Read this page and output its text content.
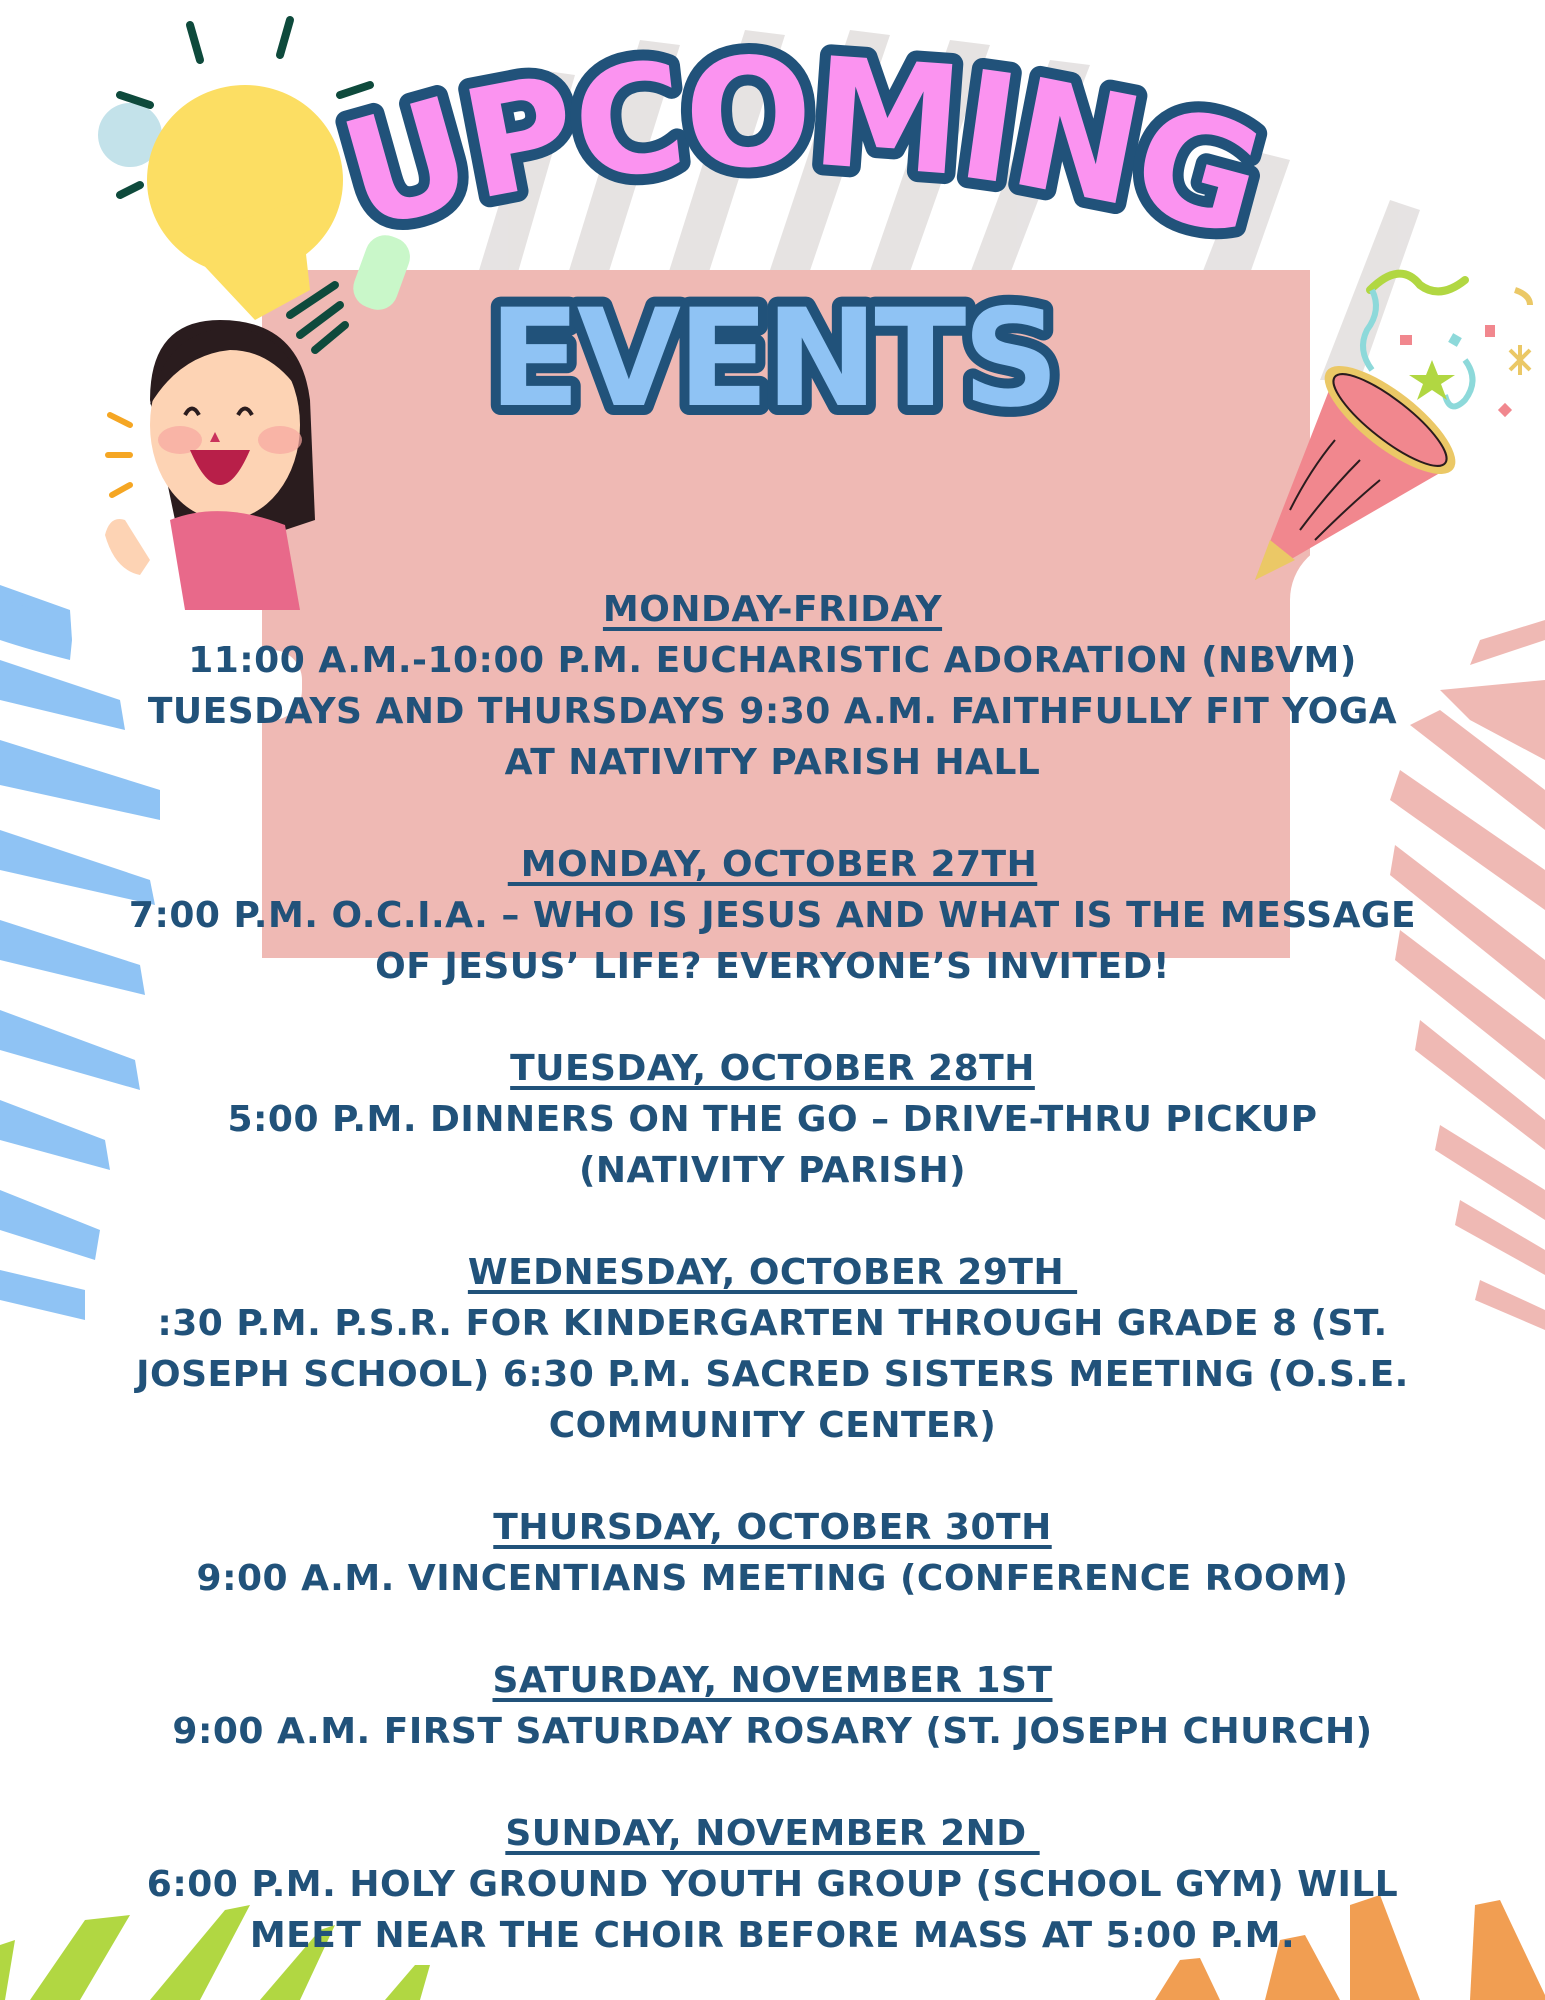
UPCOMING
EVENTS
MONDAY-FRIDAY
11:00 A.M.-10:00 P.M. EUCHARISTIC ADORATION (NBVM)
TUESDAYS AND THURSDAYS 9:30 A.M. FAITHFULLY FIT YOGA
AT NATIVITY PARISH HALL
MONDAY, OCTOBER 27TH
7:00 P.M. O.C.I.A. – WHO IS JESUS AND WHAT IS THE MESSAGE
OF JESUS’ LIFE? EVERYONE’S INVITED!
TUESDAY, OCTOBER 28TH
5:00 P.M. DINNERS ON THE GO – DRIVE-THRU PICKUP
(NATIVITY PARISH)
WEDNESDAY, OCTOBER 29TH
:30 P.M. P.S.R. FOR KINDERGARTEN THROUGH GRADE 8 (ST.
JOSEPH SCHOOL) 6:30 P.M. SACRED SISTERS MEETING (O.S.E.
COMMUNITY CENTER)
THURSDAY, OCTOBER 30TH
9:00 A.M. VINCENTIANS MEETING (CONFERENCE ROOM)
SATURDAY, NOVEMBER 1ST
9:00 A.M. FIRST SATURDAY ROSARY (ST. JOSEPH CHURCH)
SUNDAY, NOVEMBER 2ND
6:00 P.M. HOLY GROUND YOUTH GROUP (SCHOOL GYM) WILL
MEET NEAR THE CHOIR BEFORE MASS AT 5:00 P.M.
